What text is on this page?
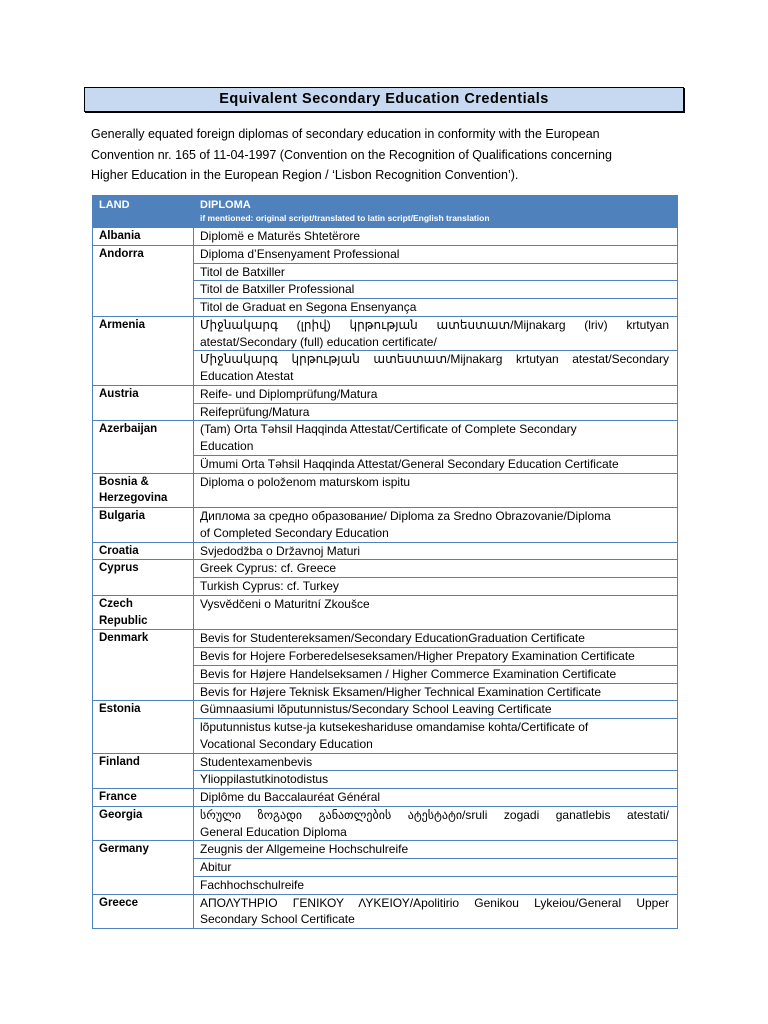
Equivalent Secondary Education Credentials

Generally equated foreign diplomas of secondary education in conformity with the European Convention nr. 165 of 11-04-1997 (Convention on the Recognition of Qualifications concerning Higher Education in the European Region / ‘Lisbon Recognition Convention’).

LAND	DIPLOMA
if mentioned: original script/translated to latin script/English translation

Albania	Diplomë e Maturës Shtetërore
Andorra	Diploma d’Ensenyament Professional
	Titol de Batxiller
	Titol de Batxiller Professional
	Titol de Graduat en Segona Ensenyança
Armenia	Միջնակարգ (լրիվ) կրթության ատեստատ/Mijnakarg (lriv) krtutyan
atestat/Secondary (full) education certificate/

	Միջնակարգ կրթության ատեստատ/Mijnakarg krtutyan atestat/Secondary
Education Atestat

Austria	Reife- und Diplomprüfung/Matura
	Reifeprüfung/Matura
Azerbaijan	(Tam) Orta Təhsil Haqqinda Attestat/Certificate of Complete Secondary
Education

	Ümumi Orta Təhsil Haqqinda Attestat/General Secondary Education Certificate
Bosnia & Herzegovina	Diploma o položenom maturskom ispitu
Bulgaria	Диплома за средно образование/ Diploma za Sredno Obrazovanie/Diploma
of Completed Secondary Education

Croatia	Svjedodžba o Državnoj Maturi
Cyprus	Greek Cyprus: cf. Greece
	Turkish Cyprus: cf. Turkey
Czech Republic	Vysvědčeni o Maturitní Zkoušce
Denmark	Bevis for Studentereksamen/Secondary EducationGraduation Certificate
	Bevis for Hojere Forberedelseseksamen/Higher Prepatory Examination Certificate
	Bevis for Højere Handelseksamen / Higher Commerce Examination Certificate
	Bevis for Højere Teknisk Eksamen/Higher Technical Examination Certificate
Estonia	Gümnaasiumi lõputunnistus/Secondary School Leaving Certificate

	lõputunnistus kutse-ja kutsekeshariduse omandamise kohta/Certificate of
Vocational Secondary Education

Finland	Studentexamenbevis
	Ylioppilastutkinotodistus
France	Diplôme du Baccalauréat Général
Georgia	სრული ზოგადი განათლების ატესტატი/sruli zogadi ganatlebis atestati/
General Education Diploma

Germany	Zeugnis der Allgemeine Hochschulreife
	Abitur
	Fachhochschulreife
Greece	ΑΠΟΛΥΤΗΡΙΟ ΓΕΝΙΚΟΥ ΛΥΚΕΙΟΥ/Apolitirio Genikou Lykeiou/General Upper
Secondary School Certificate
